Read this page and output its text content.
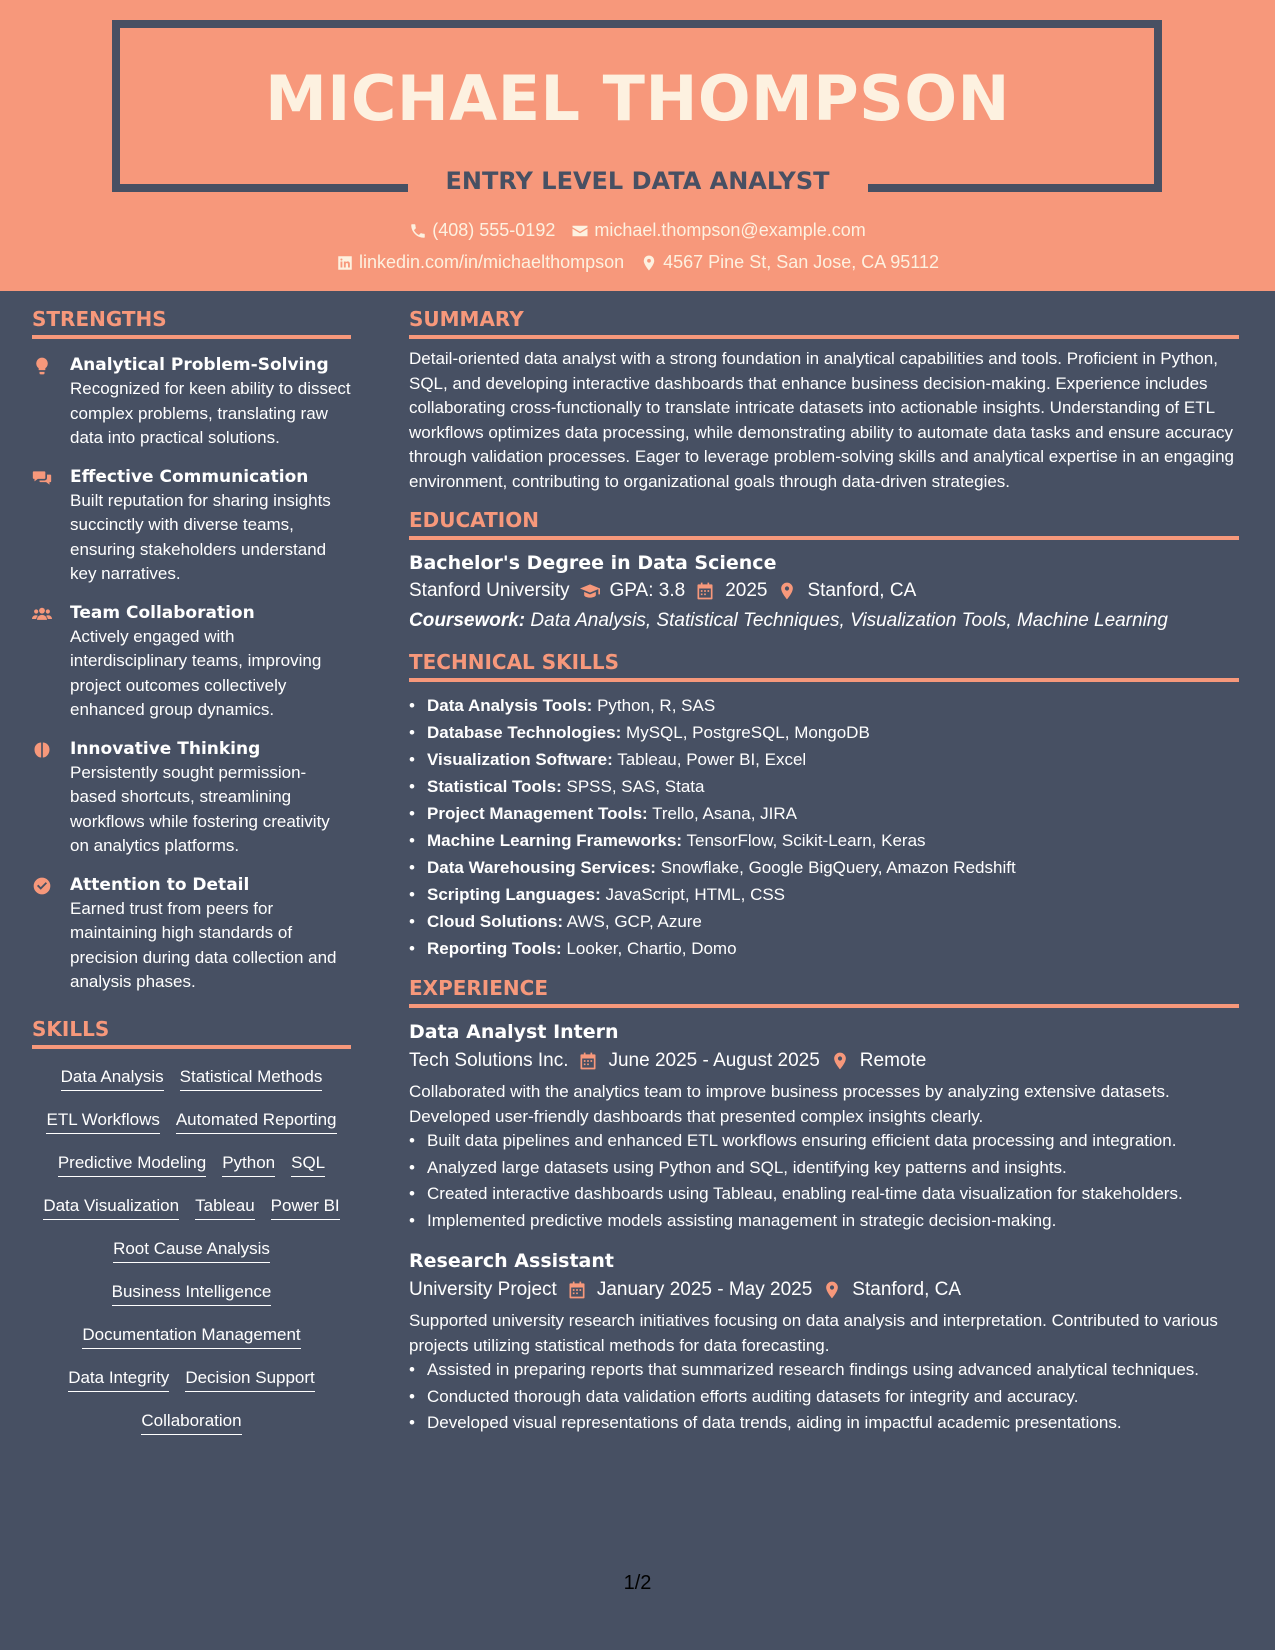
MICHAEL THOMPSON
ENTRY LEVEL DATA ANALYST
(408) 555-0192 michael.thompson@example.com
linkedin.com/in/michaelthompson 4567 Pine St, San Jose, CA 95112
STRENGTHS
Analytical Problem-Solving
Recognized for keen ability to dissect complex problems, translating raw data into practical solutions.
Effective Communication
Built reputation for sharing insights succinctly with diverse teams, ensuring stakeholders understand key narratives.
Team Collaboration
Actively engaged with interdisciplinary teams, improving project outcomes collectively enhanced group dynamics.
Innovative Thinking
Persistently sought permission-based shortcuts, streamlining workflows while fostering creativity on analytics platforms.
Attention to Detail
Earned trust from peers for maintaining high standards of precision during data collection and analysis phases.
SKILLS
Data Analysis Statistical Methods
ETL Workflows Automated Reporting
Predictive Modeling Python SQL
Data Visualization Tableau Power BI
Root Cause Analysis
Business Intelligence
Documentation Management
Data Integrity Decision Support
Collaboration
SUMMARY
Detail-oriented data analyst with a strong foundation in analytical capabilities and tools. Proficient in Python, SQL, and developing interactive dashboards that enhance business decision-making. Experience includes collaborating cross-functionally to translate intricate datasets into actionable insights. Understanding of ETL workflows optimizes data processing, while demonstrating ability to automate data tasks and ensure accuracy through validation processes. Eager to leverage problem-solving skills and analytical expertise in an engaging environment, contributing to organizational goals through data-driven strategies.
EDUCATION
Bachelor's Degree in Data Science
Stanford University GPA: 3.8 2025 Stanford, CA
Coursework: Data Analysis, Statistical Techniques, Visualization Tools, Machine Learning
TECHNICAL SKILLS
• Data Analysis Tools: Python, R, SAS
• Database Technologies: MySQL, PostgreSQL, MongoDB
• Visualization Software: Tableau, Power BI, Excel
• Statistical Tools: SPSS, SAS, Stata
• Project Management Tools: Trello, Asana, JIRA
• Machine Learning Frameworks: TensorFlow, Scikit-Learn, Keras
• Data Warehousing Services: Snowflake, Google BigQuery, Amazon Redshift
• Scripting Languages: JavaScript, HTML, CSS
• Cloud Solutions: AWS, GCP, Azure
• Reporting Tools: Looker, Chartio, Domo
EXPERIENCE
Data Analyst Intern
Tech Solutions Inc. June 2025 - August 2025 Remote
Collaborated with the analytics team to improve business processes by analyzing extensive datasets. Developed user-friendly dashboards that presented complex insights clearly.
• Built data pipelines and enhanced ETL workflows ensuring efficient data processing and integration.
• Analyzed large datasets using Python and SQL, identifying key patterns and insights.
• Created interactive dashboards using Tableau, enabling real-time data visualization for stakeholders.
• Implemented predictive models assisting management in strategic decision-making.
Research Assistant
University Project January 2025 - May 2025 Stanford, CA
Supported university research initiatives focusing on data analysis and interpretation. Contributed to various projects utilizing statistical methods for data forecasting.
• Assisted in preparing reports that summarized research findings using advanced analytical techniques.
• Conducted thorough data validation efforts auditing datasets for integrity and accuracy.
• Developed visual representations of data trends, aiding in impactful academic presentations.
1/2
